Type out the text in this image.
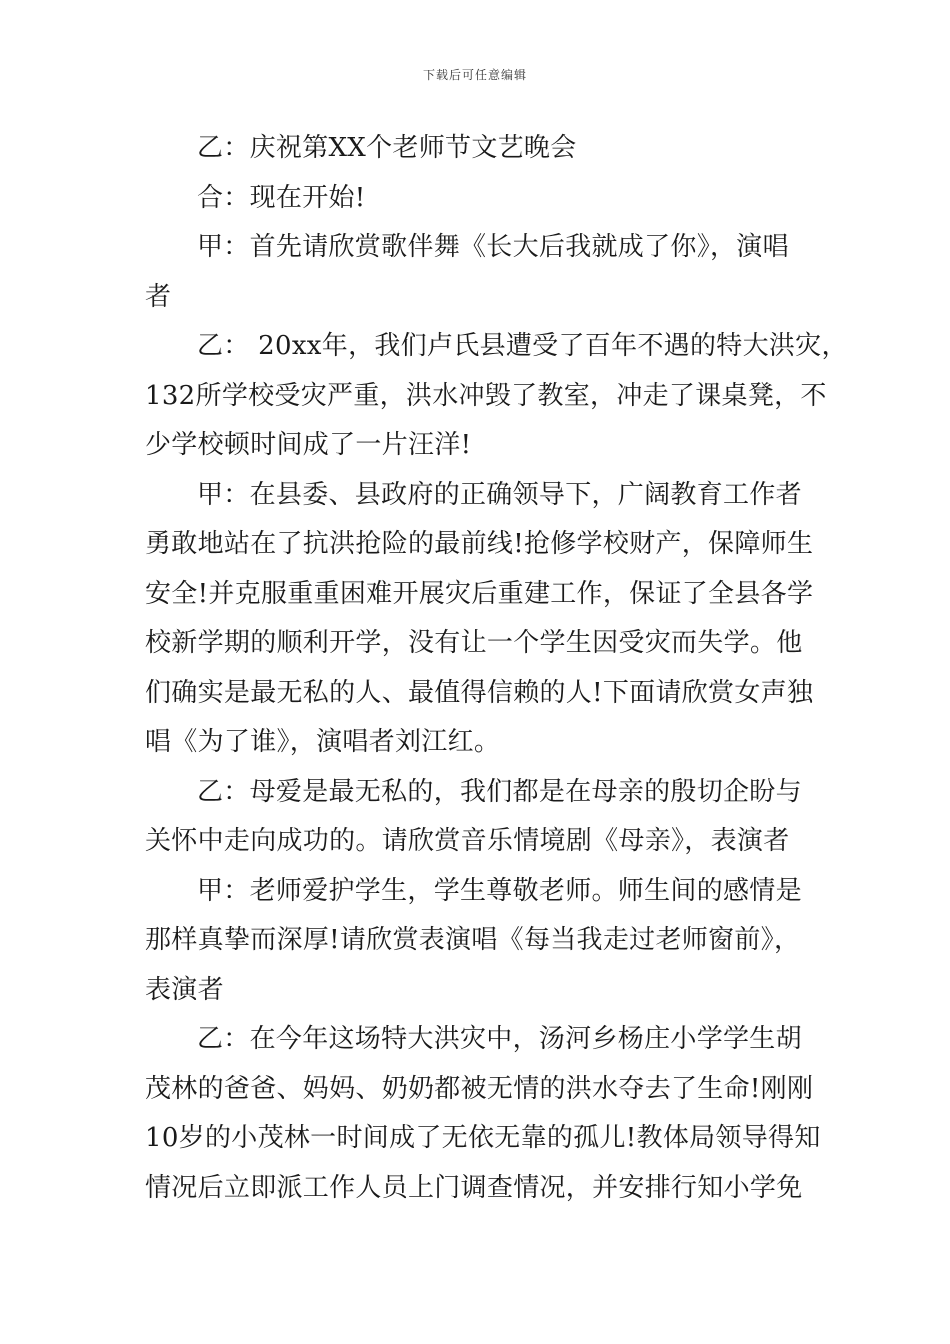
下载后可任意编辑
乙：庆祝第XX个老师节文艺晚会
合：现在开始!
甲：首先请欣赏歌伴舞《长大后我就成了你》，演唱
者
乙： 20xx年，我们卢氏县遭受了百年不遇的特大洪灾，
132所学校受灾严重，洪水冲毁了教室，冲走了课桌凳，不
少学校顿时间成了一片汪洋!
甲：在县委、县政府的正确领导下，广阔教育工作者
勇敢地站在了抗洪抢险的最前线!抢修学校财产，保障师生
安全!并克服重重困难开展灾后重建工作，保证了全县各学
校新学期的顺利开学，没有让一个学生因受灾而失学。他
们确实是最无私的人、最值得信赖的人!下面请欣赏女声独
唱《为了谁》，演唱者刘江红。
乙：母爱是最无私的，我们都是在母亲的殷切企盼与
关怀中走向成功的。请欣赏音乐情境剧《母亲》，表演者
甲：老师爱护学生，学生尊敬老师。师生间的感情是
那样真挚而深厚!请欣赏表演唱《每当我走过老师窗前》，
表演者
乙：在今年这场特大洪灾中，汤河乡杨庄小学学生胡
茂林的爸爸、妈妈、奶奶都被无情的洪水夺去了生命!刚刚
10岁的小茂林一时间成了无依无靠的孤儿!教体局领导得知
情况后立即派工作人员上门调查情况，并安排行知小学免
